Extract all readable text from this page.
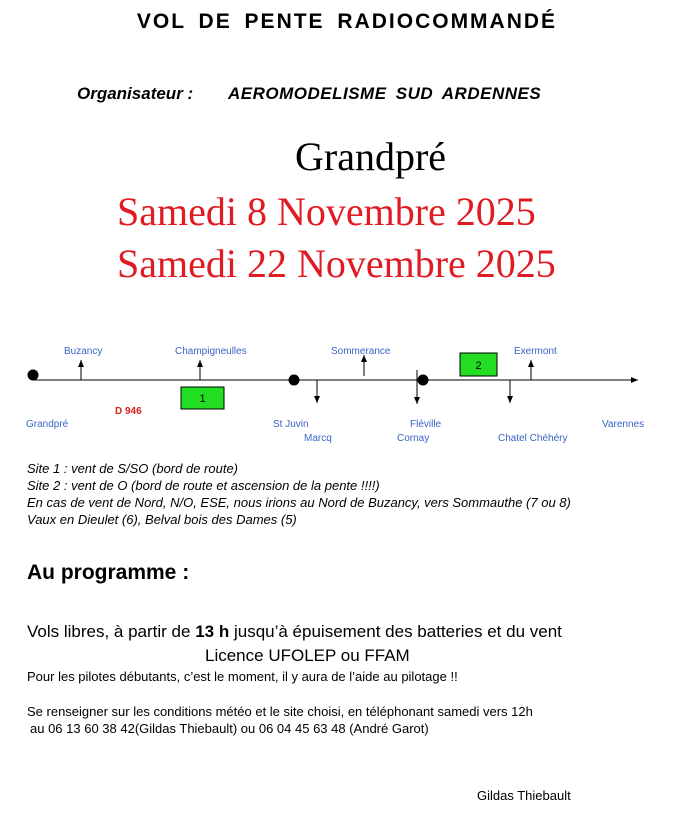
VOL DE PENTE RADIOCOMMANDÉ
Organisateur : AEROMODELISME SUD ARDENNES
Grandpré
Samedi 8 Novembre 2025
Samedi 22 Novembre 2025
1
2
Buzancy	Champigneulles	Sommerance	Exermont
Grandpré
D 946
St Juvin
Marcq
Fléville
Cornay	Chatel Chéhéry
Varennes
Site 1 : vent de S/SO (bord de route)
Site 2 : vent de O (bord de route et ascension de la pente !!!!)
En cas de vent de Nord, N/O, ESE, nous irions au Nord de Buzancy, vers Sommauthe (7 ou 8)
Vaux en Dieulet (6), Belval bois des Dames (5)
Au programme :
Vols libres, à partir de 13 h jusqu’à épuisement des batteries et du vent
Licence UFOLEP ou FFAM
Pour les pilotes débutants, c’est le moment, il y aura de l’aide au pilotage !!
Se renseigner sur les conditions météo et le site choisi, en téléphonant samedi vers 12h
au 06 13 60 38 42(Gildas Thiebault) ou 06 04 45 63 48 (André Garot)
Gildas Thiebault
